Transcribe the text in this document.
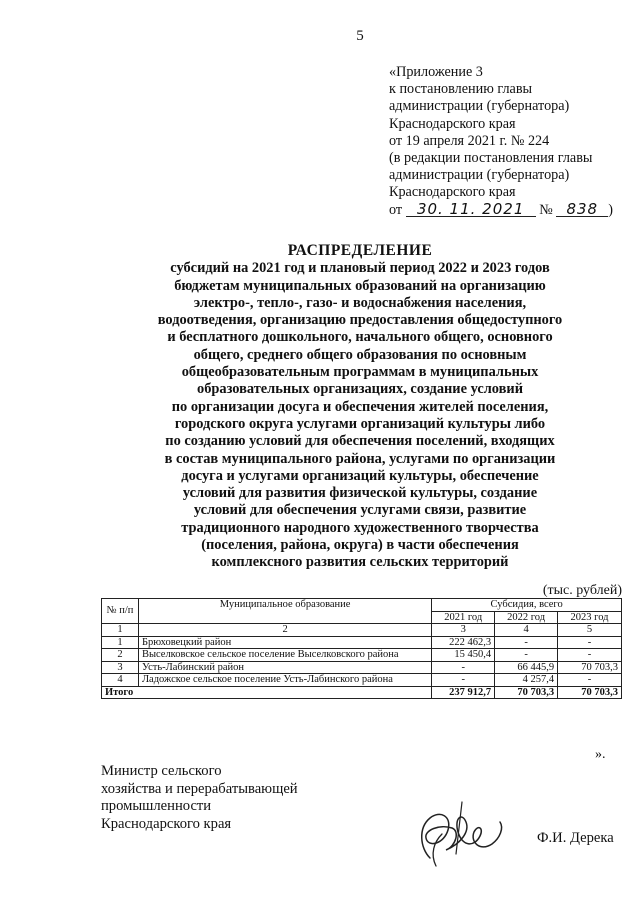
5
«Приложение 3
к постановлению главы
администрации (губернатора)
Краснодарского края
от 19 апреля 2021 г. № 224
(в редакции постановления главы
администрации (губернатора)
Краснодарского края
от 30. 11. 2021 № 838 )
РАСПРЕДЕЛЕНИЕ
субсидий на 2021 год и плановый период 2022 и 2023 годов
бюджетам муниципальных образований на организацию
электро-, тепло-, газо- и водоснабжения населения,
водоотведения, организацию предоставления общедоступного
и бесплатного дошкольного, начального общего, основного
общего, среднего общего образования по основным
общеобразовательным программам в муниципальных
образовательных организациях, создание условий
по организации досуга и обеспечения жителей поселения,
городского округа услугами организаций культуры либо
по созданию условий для обеспечения поселений, входящих
в состав муниципального района, услугами по организации
досуга и услугами организаций культуры, обеспечение
условий для развития физической культуры, создание
условий для обеспечения услугами связи, развитие
традиционного народного художественного творчества
(поселения, района, округа) в части обеспечения
комплексного развития сельских территорий
(тыс. рублей)
№ п/п	Муниципальное образование	Субсидия, всего		
		2021 год	2022 год	2023 год
1	2	3	4	5
1	Брюховецкий район	222 462,3	-	-
2	Выселковское сельское поселение Выселковского района	15 450,4	-	-
3	Усть-Лабинский район	-	66 445,9	70 703,3
4	Ладожское сельское поселение Усть-Лабинского района	-	4 257,4	-
Итого		237 912,7	70 703,3	70 703,3
».
Министр сельского
хозяйства и перерабатывающей
промышленности
Краснодарского края
Ф.И. Дерека
